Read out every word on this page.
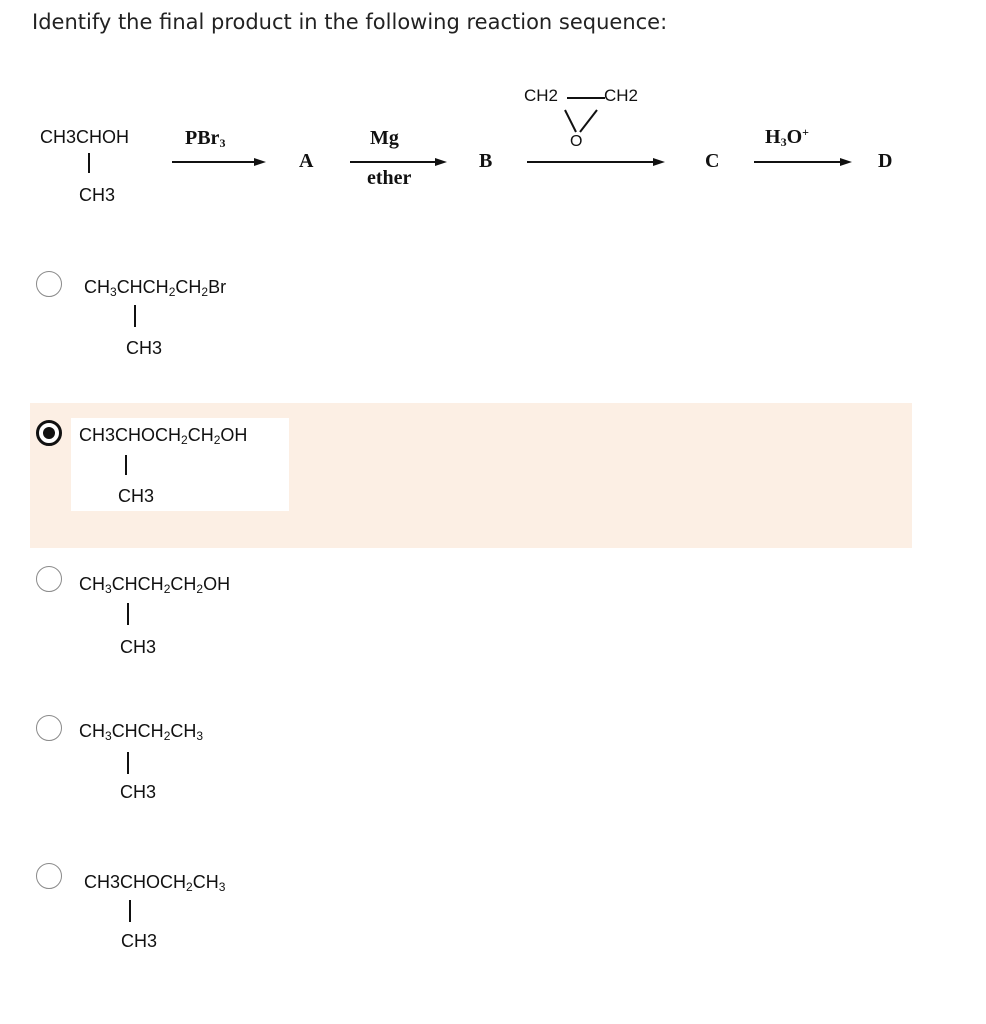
Identify the final product in the following reaction sequence:
CH3CHOH
CH3
PBr$_3$
A
Mg
ether
B
CH2	CH2
O
C
$H_3O^+$
D
$CH_3CHCH_2CH_2Br$
CH3
$CH3CHOCH_2CH_2OH$
CH3
$CH_3CHCH_2CH_2OH$
CH3
$CH_3CHCH_2CH_3$
CH3
$CH3CHOCH_2CH_3$
CH3
